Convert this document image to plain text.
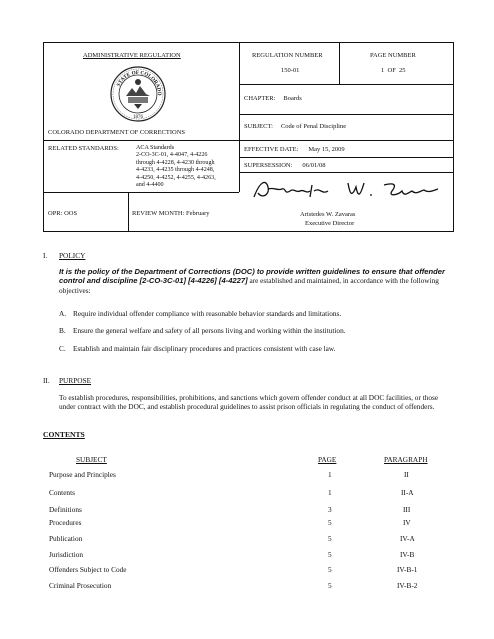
ADMINISTRATIVE REGULATION
STATE OF COLORADO
1876
COLORADO DEPARTMENT OF CORRECTIONS
REGULATION NUMBER
150-01
PAGE NUMBER
1  OF  25
CHAPTER: Boards
SUBJECT: Code of Penal Discipline
RELATED STANDARDS:	ACA Standards
2-CO-3C-01, 4-4047, 4-4226
through 4-4228, 4-4230 through
4-4233, 4-4235 through 4-4248,
4-4250, 4-4252, 4-4255, 4-4263,
and 4-4400
EFFECTIVE DATE: May 15, 2009
SUPERSESSION: 06/01/08
Aristedes W. Zavaras
Executive Director
OPR: OOS	REVIEW MONTH: February
I. POLICY
It is the policy of the Department of Corrections (DOC) to provide written guidelines to ensure that offender control and discipline [2-CO-3C-01] [4-4226] [4-4227] are established and maintained, in accordance with the following objectives:
A. Require individual offender compliance with reasonable behavior standards and limitations.
B. Ensure the general welfare and safety of all persons living and working within the institution.
C. Establish and maintain fair disciplinary procedures and practices consistent with case law.
II. PURPOSE
To establish procedures, responsibilities, prohibitions, and sanctions which govern offender conduct at all DOC facilities, or those under contract with the DOC, and establish procedural guidelines to assist prison officials in regulating the conduct of offenders.
CONTENTS
SUBJECT	PAGE	PARAGRAPH
Purpose and Principles	1	II
Contents	1	II-A
Definitions	3	III
Procedures	5	IV
Publication	5	IV-A
Jurisdiction	5	IV-B
Offenders Subject to Code	5	IV-B-1
Criminal Prosecution	5	IV-B-2
